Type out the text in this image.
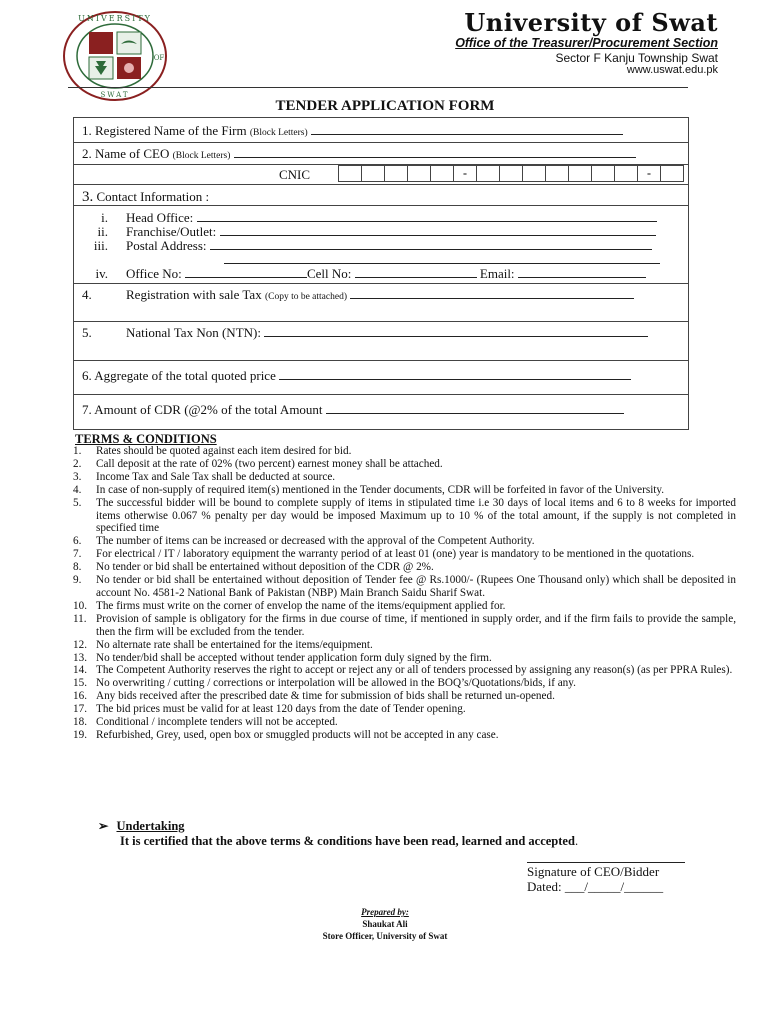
UNIVERSITY
OF
SWAT
University of Swat
Office of the Treasurer/Procurement Section
Sector F Kanju Township Swat
www.uswat.edu.pk
TENDER APPLICATION FORM
1. Registered Name of the Firm (Block Letters)
2. Name of CEO (Block Letters)
CNIC	-	-
3. Contact Information :
i. Head Office:
ii. Franchise/Outlet:
iii. Postal Address:
iv. Office No:	Cell No:	Email:
4.	Registration with sale Tax (Copy to be attached)
5.	National Tax Non (NTN):
6. Aggregate of the total quoted price
7. Amount of CDR (@2% of the total Amount
TERMS & CONDITIONS
1.	Rates should be quoted against each item desired for bid.
2.	Call deposit at the rate of 02% (two percent) earnest money shall be attached.
3.	Income Tax and Sale Tax shall be deducted at source.
4.	In case of non-supply of required item(s) mentioned in the Tender documents, CDR will be forfeited in favor of the University.
5.	The successful bidder will be bound to complete supply of items in stipulated time i.e 30 days of local items and 6 to 8 weeks for imported items otherwise 0.067 % penalty per day would be imposed Maximum up to 10 % of the total amount, if the supply is not completed in specified time
6.	The number of items can be increased or decreased with the approval of the Competent Authority.
7.	For electrical / IT / laboratory equipment the warranty period of at least 01 (one) year is mandatory to be mentioned in the quotations.
8.	No tender or bid shall be entertained without deposition of the CDR @ 2%.
9.	No tender or bid shall be entertained without deposition of Tender fee @ Rs.1000/- (Rupees One Thousand only) which shall be deposited in account No. 4581-2 National Bank of Pakistan (NBP) Main Branch Saidu Sharif Swat.
10. The firms must write on the corner of envelop the name of the items/equipment applied for.
11. Provision of sample is obligatory for the firms in due course of time, if mentioned in supply order, and if the firm fails to provide the sample, then the firm will be excluded from the tender.
12. No alternate rate shall be entertained for the items/equipment.
13. No tender/bid shall be accepted without tender application form duly signed by the firm.
14. The Competent Authority reserves the right to accept or reject any or all of tenders processed by assigning any reason(s) (as per PPRA Rules).
15. No overwriting / cutting / corrections or interpolation will be allowed in the BOQ’s/Quotations/bids, if any.
16. Any bids received after the prescribed date & time for submission of bids shall be returned un-opened.
17. The bid prices must be valid for at least 120 days from the date of Tender opening.
18. Conditional / incomplete tenders will not be accepted.
19. Refurbished, Grey, used, open box or smuggled products will not be accepted in any case.
➢ Undertaking
It is certified that the above terms & conditions have been read, learned and accepted.
Signature of CEO/Bidder
Dated: ___/_____/______
Prepared by:
Shaukat Ali
Store Officer, University of Swat
